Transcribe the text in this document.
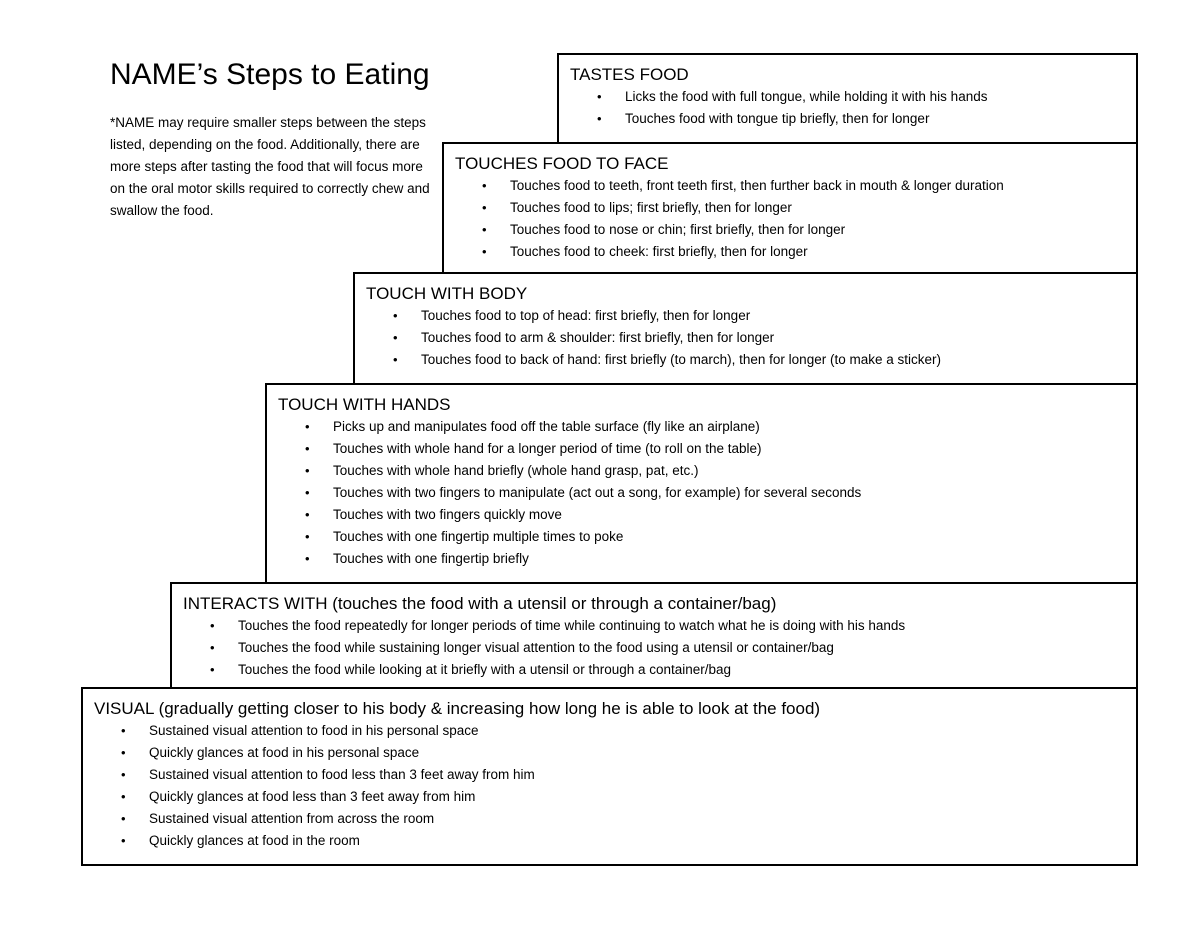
NAME’s Steps to Eating

*NAME may require smaller steps between the steps listed, depending on the food. Additionally, there are more steps after tasting the food that will focus more on the oral motor skills required to correctly chew and swallow the food.

VISUAL (gradually getting closer to his body & increasing how long he is able to look at the food)
• Sustained visual attention to food in his personal space
• Quickly glances at food in his personal space
• Sustained visual attention to food less than 3 feet away from him
• Quickly glances at food less than 3 feet away from him
• Sustained visual attention from across the room
• Quickly glances at food in the room
INTERACTS WITH (touches the food with a utensil or through a container/bag)
• Touches the food repeatedly for longer periods of time while continuing to watch what he is doing with his hands
• Touches the food while sustaining longer visual attention to the food using a utensil or container/bag
• Touches the food while looking at it briefly with a utensil or through a container/bag
TOUCH WITH HANDS
• Picks up and manipulates food off the table surface (fly like an airplane)
• Touches with whole hand for a longer period of time (to roll on the table)
• Touches with whole hand briefly (whole hand grasp, pat, etc.)
• Touches with two fingers to manipulate (act out a song, for example) for several seconds
• Touches with two fingers quickly move
• Touches with one fingertip multiple times to poke
• Touches with one fingertip briefly
TOUCH WITH BODY
• Touches food to top of head: first briefly, then for longer
• Touches food to arm & shoulder: first briefly, then for longer
• Touches food to back of hand: first briefly (to march), then for longer (to make a sticker)
TOUCHES FOOD TO FACE
• Touches food to teeth, front teeth first, then further back in mouth & longer duration
• Touches food to lips; first briefly, then for longer
• Touches food to nose or chin; first briefly, then for longer
• Touches food to cheek: first briefly, then for longer
TASTES FOOD
• Licks the food with full tongue, while holding it with his hands
• Touches food with tongue tip briefly, then for longer
